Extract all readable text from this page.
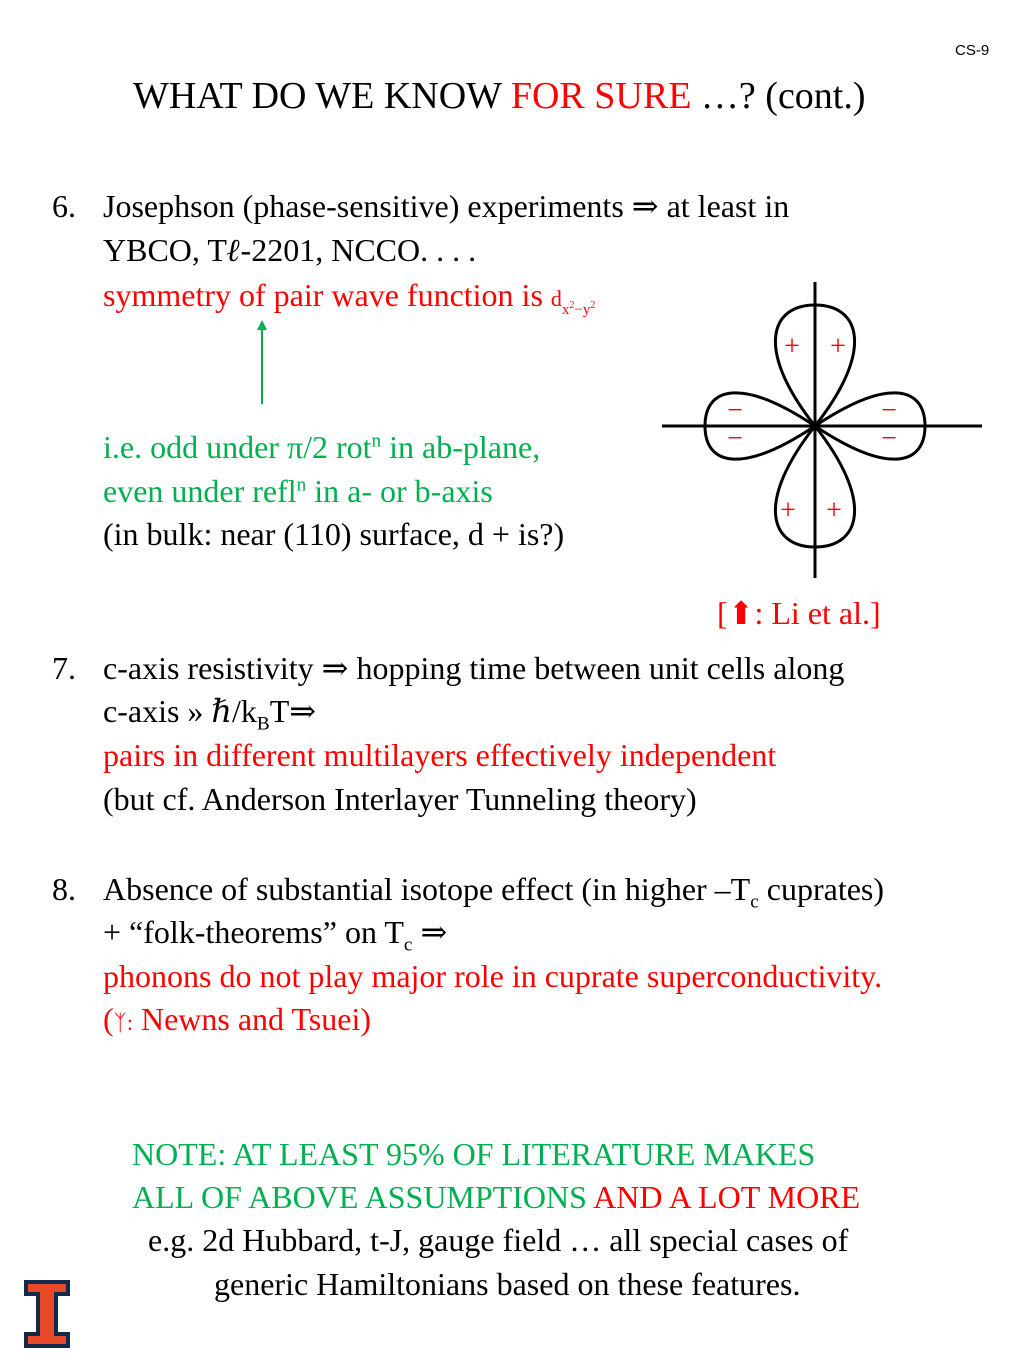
CS-9
WHAT DO WE KNOW FOR SURE …? (cont.)
6. Josephson (phase-sensitive) experiments ⇒ at least in
YBCO, Tℓ-2201, NCCO. . . .
symmetry of pair wave function is $d_{x^2-y^2}$
i.e. odd under π/2 rot$^n$ in ab-plane,
even under refl$^n$ in a- or b-axis
(in bulk: near (110) surface, d + is?)
+ +
+ +
−
−
−
−
[⬆: Li et al.]
7. c-axis resistivity ⇒ hopping time between unit cells along
c-axis » $\hbar/k_BT\Rightarrow$
pairs in different multilayers effectively independent
(but cf. Anderson Interlayer Tunneling theory)
8. Absence of substantial isotope effect (in higher $-T_c$ cuprates)
+ “folk-theorems” on $T_c$ ⇒
phonons do not play major role in cuprate superconductivity.
(ᛉ: Newns and Tsuei)
NOTE: AT LEAST 95% OF LITERATURE MAKES
ALL OF ABOVE ASSUMPTIONS AND A LOT MORE
e.g. 2d Hubbard, t-J, gauge field … all special cases of
generic Hamiltonians based on these features.
